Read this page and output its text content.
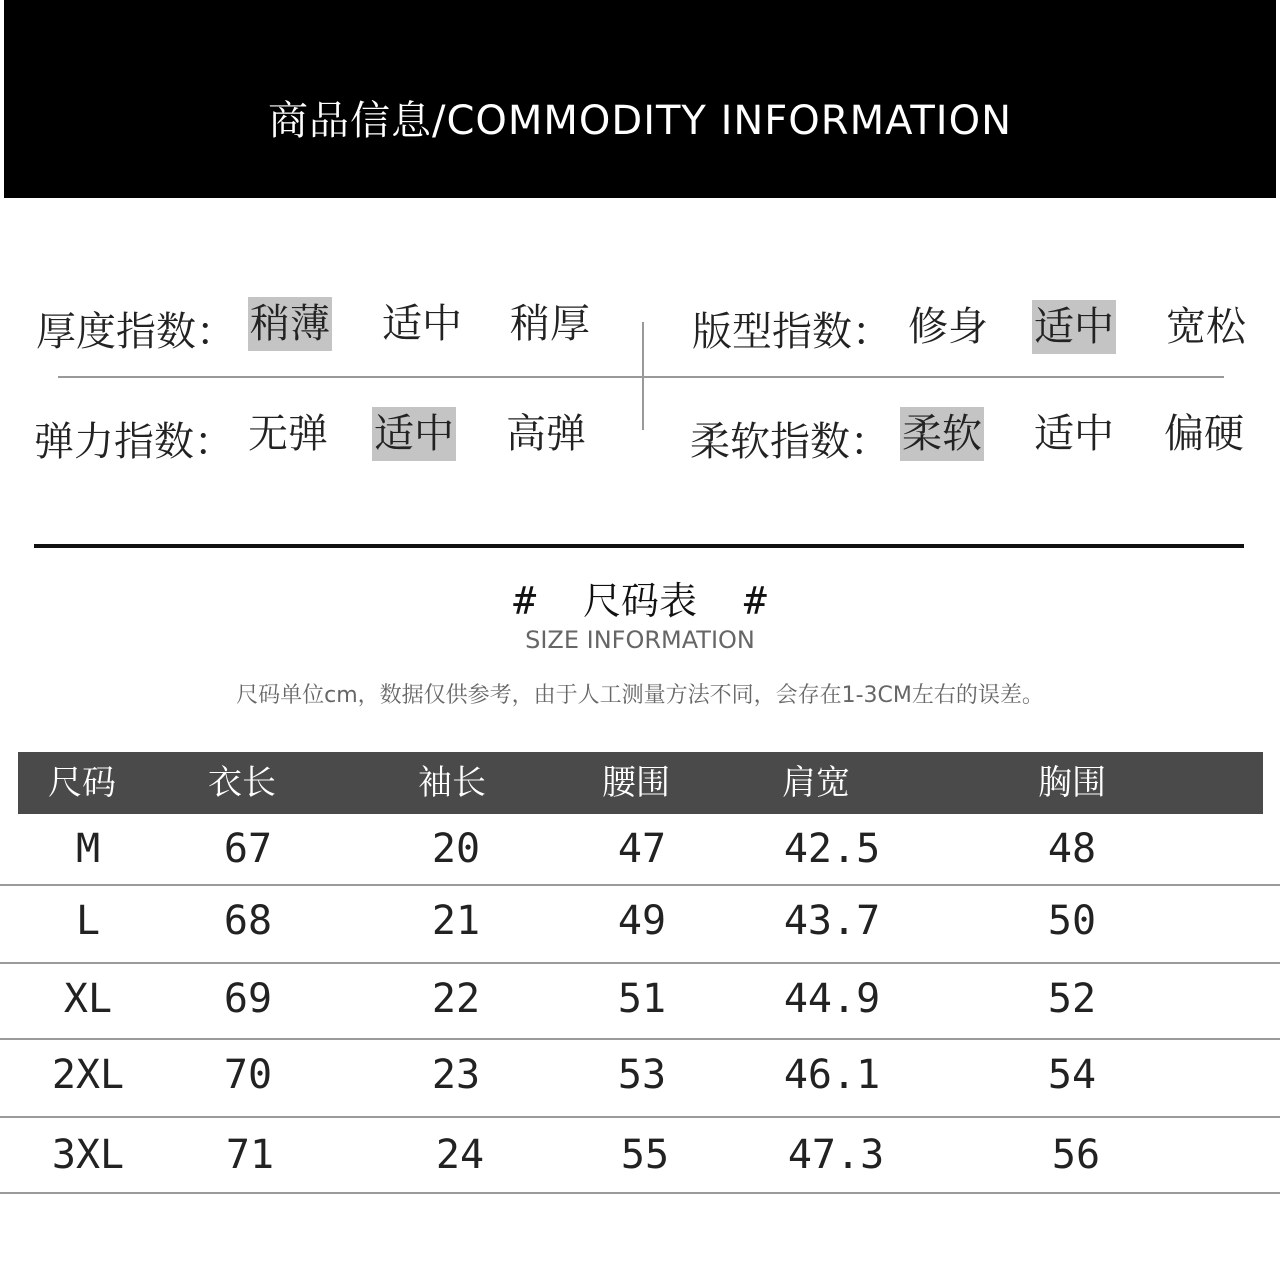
商品信息/COMMODITY INFORMATION
厚度指数： 稍薄 适中 稍厚	版型指数： 修身 适中 宽松
弹力指数： 无弹 适中 高弹	柔软指数： 柔软 适中 偏硬
# 尺码表 #
SIZE INFORMATION
尺码单位cm，数据仅供参考，由于人工测量方法不同，会存在1-3CM左右的误差。
尺码	衣长	袖长	腰围	肩宽	胸围
M	67	20	47	42.5	48
L	68	21	49	43.7	50
XL	69	22	51	44.9	52
2XL 70	23	53	46.1	54
3XL	71	24	55	47.3	56
